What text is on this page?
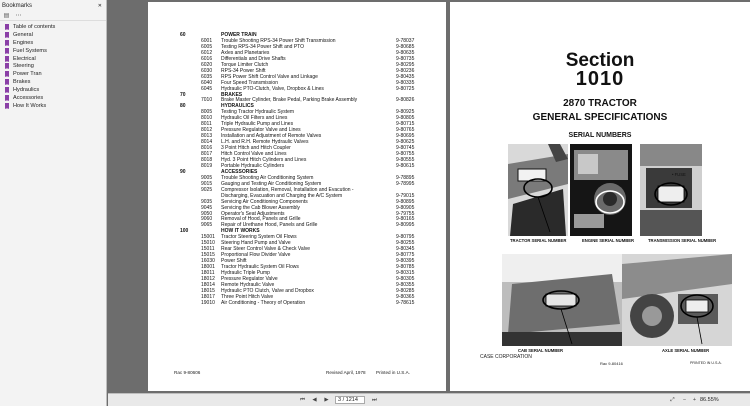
Bookmarks	✕
▤ ⋯
Table of contents
General
Engines
Fuel Systems
Electrical
Steering
Power Tran
Brakes
Hydraulics
Accessories
How It Works
60	POWER TRAIN
6001 Trouble Shooting RPS-34 Power Shift Transmission	9-78037
6005 Testing RPS-34 Power Shift and PTO	9-80685
6012 Axles and Planetaries	9-80635
6016 Differentials and Drive Shafts	9-80735
6020 Torque Limiter Clutch	9-80295
6030 RPS-34 Power Shift	9-80236
6035 RPS Power Shift Control Valve and Linkage	9-80435
6040 Four Speed Transmission	9-80335
6045 Hydraulic PTO-Clutch, Valve, Dropbox & Lines	9-80725
70	BRAKES
7010 Brake Master Cylinder, Brake Pedal, Parking Brake Assembly	9-80826
80	HYDRAULICS
8005 Testing Tractor Hydraulic System	9-80925
8010 Hydraulic Oil Filters and Lines	9-80805
8011 Triple Hydraulic Pump and Lines	9-80715
8012 Pressure Regulator Valve and Lines	9-80765
8013 Installation and Adjustment of Remote Valves	9-80695
8014 L.H. and R.H. Remote Hydraulic Valves	9-80625
8016 3 Point Hitch and Hitch Coupler	9-80745
8017 Hitch Control Valve and Lines	9-80755
8018 Hyd. 3 Point Hitch Cylinders and Lines	9-80555
8019 Portable Hydraulic Cylinders	9-80615
90	ACCESSORIES
9005 Trouble Shooting Air Conditioning System	9-78895
9015 Gauging and Testing Air Conditioning System	9-78995
9025 Compressor Isolation, Removal, Installation and Evacution -
Discharging, Evacuation and Charging the A/C System	9-79015
9035 Servicing Air Conditioning Components	9-80895
9045 Servicing the Cab Blower Assembly	9-80905
9050 Operator's Seat Adjustments	9-79755
9060 Removal of Hood, Panels and Grille	9-80165
9065 Repair of Urethane Hood, Panels and Grille	9-80995
100	HOW IT WORKS
15001 Tractor Steering System Oil Flows	9-80795
15010 Steering Hand Pump and Valve	9-80255
15011 Rear Steer Control Valve & Check Valve	9-80345
15015 Proportional Flow Divider Valve	9-80775
16030 Power Shift	9-80395
18001 Tractor Hydraulic System Oil Flows	9-80785
18011 Hydraulic Triple Pump	9-80315
18012 Pressure Regulator Valve	9-80305
18014 Remote Hydraulic Valve	9-80355
18015 Hydraulic PTO Clutch, Valve and Dropbox	9-80285
18017 Three Point Hitch Valve	9-80365
19010 Air Conditioning - Theory of Operation	9-78615
Rac 9-80606	Revised April, 1978 Printed in U.S.A.
Section
1010
2870 TRACTOR
GENERAL SPECIFICATIONS
SERIAL NUMBERS
TRACTOR SERIAL NUMBER	ENGINE SERIAL NUMBER
• FUSE
TRANSMISSION SERIAL NUMBER
CAB SERIAL NUMBER	AXLE SERIAL NUMBER
CASE CORPORATION
Rac 9-80416	PRINTED IN U.S.A.
⏮	◀	▶	3 / 1214	⏭	⤢	−	+ 86.55%
